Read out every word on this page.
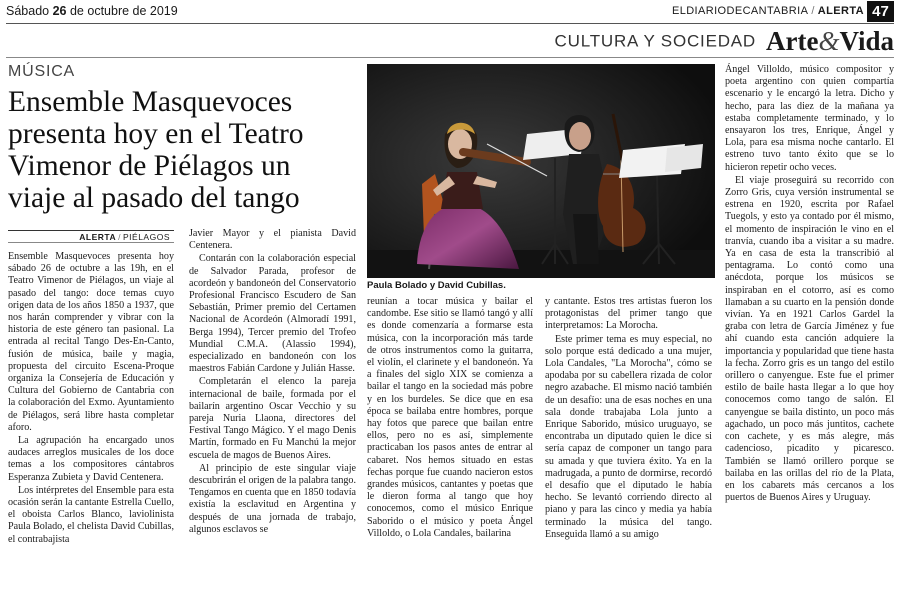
Sábado 26 de octubre de 2019	ELDIARIODECANTABRIA / ALERTA 47
CULTURA Y SOCIEDAD Arte&Vida
MÚSICA
Ensemble Masquevoces presenta hoy en el Teatro Vimenor de Piélagos un viaje al pasado del tango
ALERTA / PIÉLAGOS
Paula Bolado y David Cubillas.

Ensemble Masquevoces presenta hoy sábado 26 de octubre a las 19h, en el Teatro Vimenor de Piélagos, un viaje al pasado del tango: doce temas cuyo origen data de los años 1850 a 1937, que nos harán comprender y vibrar con la historia de este género tan pasional. La entrada al recital Tango Des-En-Canto, fusión de música, baile y magia, propuesta del circuito Escena-Proque organiza la Consejería de Educación y Cultura del Gobierno de Cantabria con la colaboración del Exmo. Ayuntamiento de Piélagos, será libre hasta completar aforo.

La agrupación ha encargado unos audaces arreglos musicales de los doce temas a los compositores cántabros Esperanza Zubieta y David Centenera.

Los intérpretes del Ensemble para esta ocasión serán la cantante Estrella Cuello, el oboista Carlos Blanco, laviolinista Paula Bolado, el chelista David Cubillas, el contrabajista

Javier Mayor y el pianista David Centenera.

Contarán con la colaboración especial de Salvador Parada, profesor de acordeón y bandoneón del Conservatorio Profesional Francisco Escudero de San Sebastián, Primer premio del Certamen Nacional de Acordeón (Almoradí 1991, Berga 1994), Tercer premio del Trofeo Mundial C.M.A. (Alassio 1994), especializado en bandoneón con los maestros Fabián Cardone y Julián Hasse.

Completarán el elenco la pareja internacional de baile, formada por el bailarín argentino Oscar Vecchio y su pareja Nuria Llaona, directores del Festival Tango Mágico. Y el mago Denis Martín, formado en Fu Manchú la mejor escuela de magos de Buenos Aires.

Al principio de este singular viaje descubrirán el origen de la palabra tango. Tengamos en cuenta que en 1850 todavía existía la esclavitud en Argentina y después de una jornada de trabajo, algunos esclavos se

reunían a tocar música y bailar el candombe. Ese sitio se llamó tangó y allí es donde comenzaría a formarse esta música, con la incorporación más tarde de otros instrumentos como la guitarra, el violín, el clarinete y el bandoneón. Ya a finales del siglo XIX se comienza a bailar el tango en la sociedad más pobre y en los burdeles. Se dice que en esa época se bailaba entre hombres, porque hay fotos que parece que bailan entre ellos, pero no es así, simplemente practicaban los pasos antes de entrar al cabaret. Nos hemos situado en estas fechas porque fue cuando nacieron estos grandes músicos, cantantes y poetas que le dieron forma al tango que hoy conocemos, como el músico Enrique Saborido o el músico y poeta Ángel Villoldo, o Lola Candales, bailarina

y cantante. Estos tres artistas fueron los protagonistas del primer tango que interpretamos: La Morocha.

Este primer tema es muy especial, no solo porque está dedicado a una mujer, Lola Candales, "La Morocha", cómo se apodaba por su cabellera rizada de color negro azabache. El mismo nació también de un desafío: una de esas noches en una sala donde trabajaba Lola junto a Enrique Saborido, músico uruguayo, se encontraba un diputado quien le dice si sería capaz de componer un tango para su amada y que tuviera éxito. Ya en la madrugada, a punto de dormirse, recordó el desafío que el diputado le había hecho. Se levantó corriendo directo al piano y para las cinco y media ya había terminado la música del tango. Enseguida llamó a su amigo

Ángel Villoldo, músico compositor y poeta argentino con quien compartía escenario y le encargó la letra. Dicho y hecho, para las diez de la mañana ya estaba completamente terminado, y lo ensayaron los tres, Enrique, Ángel y Lola, para esa misma noche cantarlo. El estreno tuvo tanto éxito que se lo hicieron repetir ocho veces.

El viaje proseguirá su recorrido con Zorro Gris, cuya versión instrumental se estrena en 1920, escrita por Rafael Tuegols, y esto ya contado por él mismo, el momento de inspiración le vino en el tranvía, cuando iba a visitar a su madre. Ya en casa de esta la transcribió al pentagrama. Lo contó como una anécdota, porque los músicos se inspiraban en el cotorro, así es como llamaban a su cuarto en la pensión donde vivían. Ya en 1921 Carlos Gardel la graba con letra de García Jiménez y fue ahí cuando esta canción adquiere la importancia y popularidad que tiene hasta la fecha. Zorro gris es un tango del estilo orillero o canyengue. Este fue el primer estilo de baile hasta llegar a lo que hoy conocemos como tango de salón. El canyengue se baila distinto, un poco más agachado, un poco más juntitos, cachete con cachete, y es más alegre, más cadencioso, picadito y picaresco. También se llamó orillero porque se bailaba en las orillas del río de la Plata, en los cabarets más cercanos a los puertos de Buenos Aires y Uruguay.
